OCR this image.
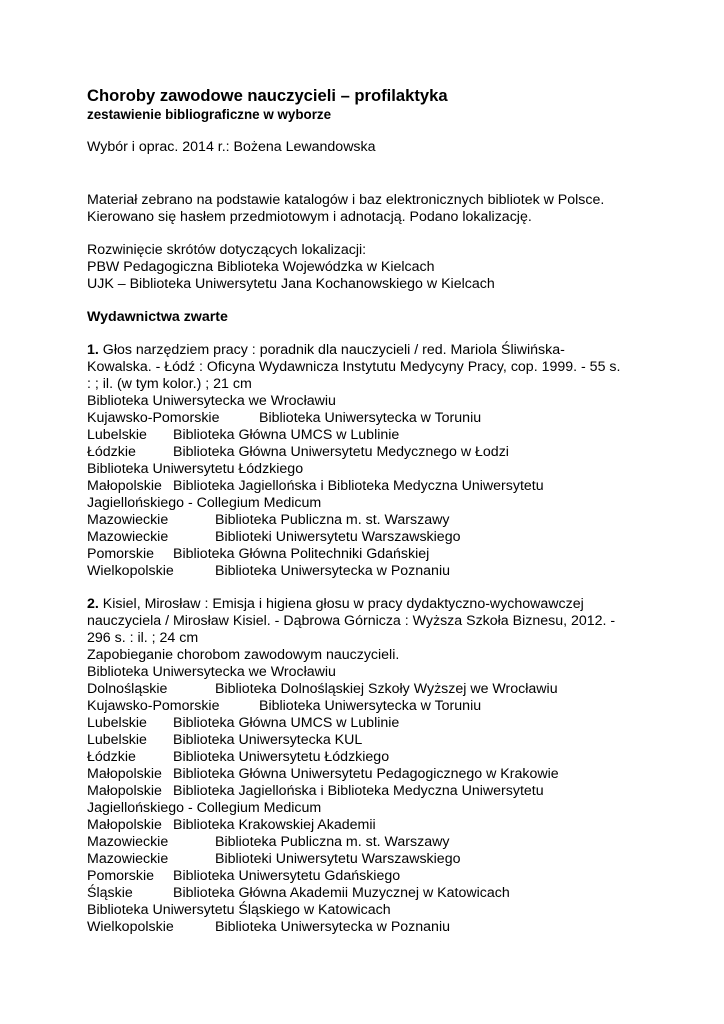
Choroby zawodowe nauczycieli – profilaktyka
zestawienie bibliograficzne w wyborze
Wybór i oprac. 2014 r.: Bożena Lewandowska
Materiał zebrano na podstawie katalogów i baz elektronicznych bibliotek w Polsce.
Kierowano się hasłem przedmiotowym i adnotacją. Podano lokalizację.
Rozwinięcie skrótów dotyczących lokalizacji:
PBW Pedagogiczna Biblioteka Wojewódzka w Kielcach
UJK – Biblioteka Uniwersytetu Jana Kochanowskiego w Kielcach
Wydawnictwa zwarte
1. Głos narzędziem pracy : poradnik dla nauczycieli / red. Mariola Śliwińska-
Kowalska. - Łódź : Oficyna Wydawnicza Instytutu Medycyny Pracy, cop. 1999. - 55 s.
: ; il. (w tym kolor.) ; 21 cm
Biblioteka Uniwersytecka we Wrocławiu
Kujawsko-Pomorskie	Biblioteka Uniwersytecka w Toruniu
Lubelskie	Biblioteka Główna UMCS w Lublinie
Łódzkie	Biblioteka Główna Uniwersytetu Medycznego w Łodzi
Biblioteka Uniwersytetu Łódzkiego
Małopolskie Biblioteka Jagiellońska i Biblioteka Medyczna Uniwersytetu
Jagiellońskiego - Collegium Medicum
Mazowieckie	Biblioteka Publiczna m. st. Warszawy
Mazowieckie	Biblioteki Uniwersytetu Warszawskiego
Pomorskie	Biblioteka Główna Politechniki Gdańskiej
Wielkopolskie	Biblioteka Uniwersytecka w Poznaniu
2. Kisiel, Mirosław : Emisja i higiena głosu w pracy dydaktyczno-wychowawczej
nauczyciela / Mirosław Kisiel. - Dąbrowa Górnicza : Wyższa Szkoła Biznesu, 2012. -
296 s. : il. ; 24 cm
Zapobieganie chorobom zawodowym nauczycieli.
Biblioteka Uniwersytecka we Wrocławiu
Dolnośląskie	Biblioteka Dolnośląskiej Szkoły Wyższej we Wrocławiu
Kujawsko-Pomorskie	Biblioteka Uniwersytecka w Toruniu
Lubelskie	Biblioteka Główna UMCS w Lublinie
Lubelskie	Biblioteka Uniwersytecka KUL
Łódzkie	Biblioteka Uniwersytetu Łódzkiego
Małopolskie Biblioteka Główna Uniwersytetu Pedagogicznego w Krakowie
Małopolskie Biblioteka Jagiellońska i Biblioteka Medyczna Uniwersytetu
Jagiellońskiego - Collegium Medicum
Małopolskie Biblioteka Krakowskiej Akademii
Mazowieckie	Biblioteka Publiczna m. st. Warszawy
Mazowieckie	Biblioteki Uniwersytetu Warszawskiego
Pomorskie	Biblioteka Uniwersytetu Gdańskiego
Śląskie	Biblioteka Główna Akademii Muzycznej w Katowicach
Biblioteka Uniwersytetu Śląskiego w Katowicach
Wielkopolskie	Biblioteka Uniwersytecka w Poznaniu
